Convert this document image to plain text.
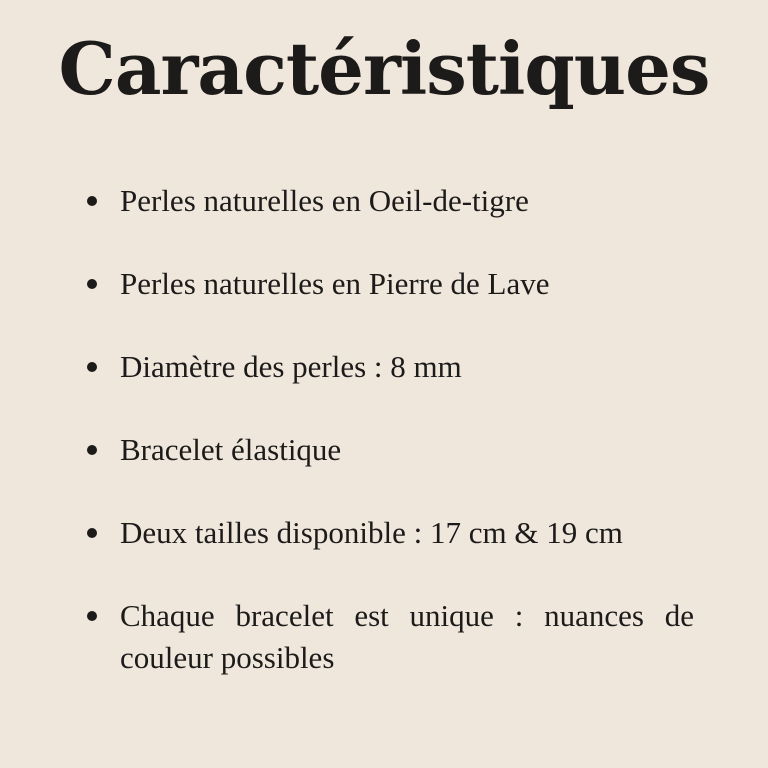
Caractéristiques
Perles naturelles en Oeil-de-tigre
Perles naturelles en Pierre de Lave
Diamètre des perles : 8 mm
Bracelet élastique
Deux tailles disponible : 17 cm & 19 cm
Chaque bracelet est unique : nuances de couleur possibles
